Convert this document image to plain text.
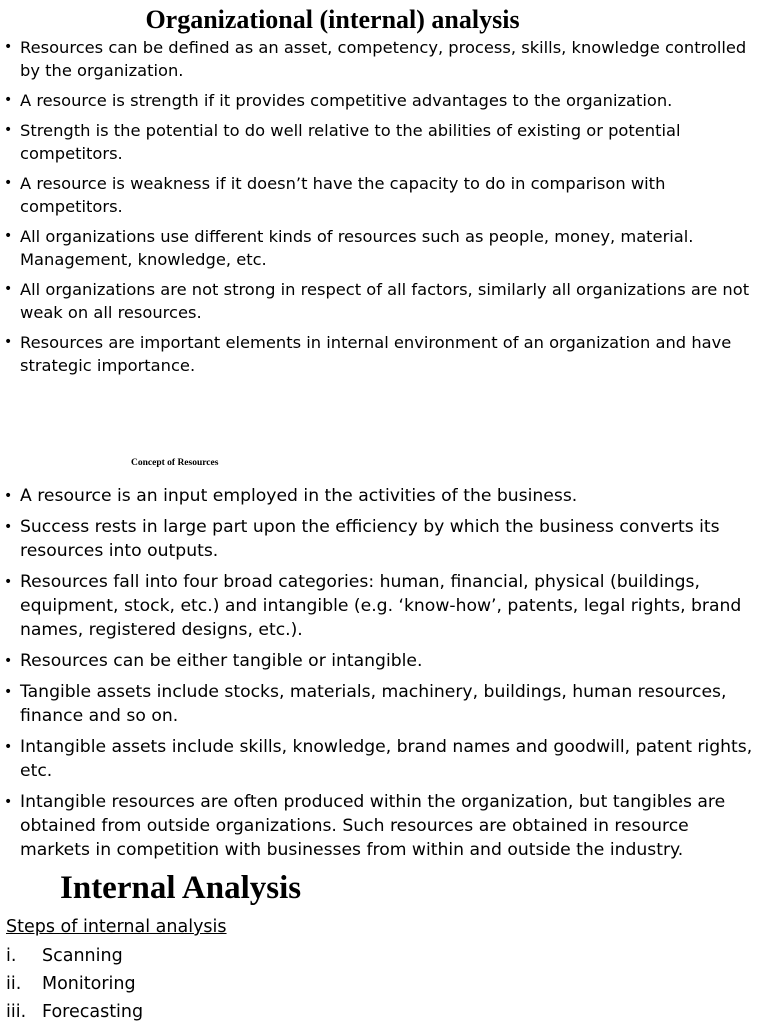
Organizational (internal) analysis
• Resources can be defined as an asset, competency, process, skills, knowledge controlled by the organization.
• A resource is strength if it provides competitive advantages to the organization.
• Strength is the potential to do well relative to the abilities of existing or potential competitors.
• A resource is weakness if it doesn’t have the capacity to do in comparison with competitors.
• All organizations use different kinds of resources such as people, money, material. Management, knowledge, etc.
• All organizations are not strong in respect of all factors, similarly all organizations are not weak on all resources.
• Resources are important elements in internal environment of an organization and have strategic importance.
Concept of Resources
• A resource is an input employed in the activities of the business.
• Success rests in large part upon the efficiency by which the business converts its resources into outputs.
• Resources fall into four broad categories: human, financial, physical (buildings, equipment, stock, etc.) and intangible (e.g. ‘know-how’, patents, legal rights, brand names, registered designs, etc.).
• Resources can be either tangible or intangible.
• Tangible assets include stocks, materials, machinery, buildings, human resources, finance and so on.
• Intangible assets include skills, knowledge, brand names and goodwill, patent rights, etc.
• Intangible resources are often produced within the organization, but tangibles are obtained from outside organizations. Such resources are obtained in resource markets in competition with businesses from within and outside the industry.
Internal Analysis

Steps of internal analysis

i. Scanning
ii. Monitoring
iii. Forecasting
